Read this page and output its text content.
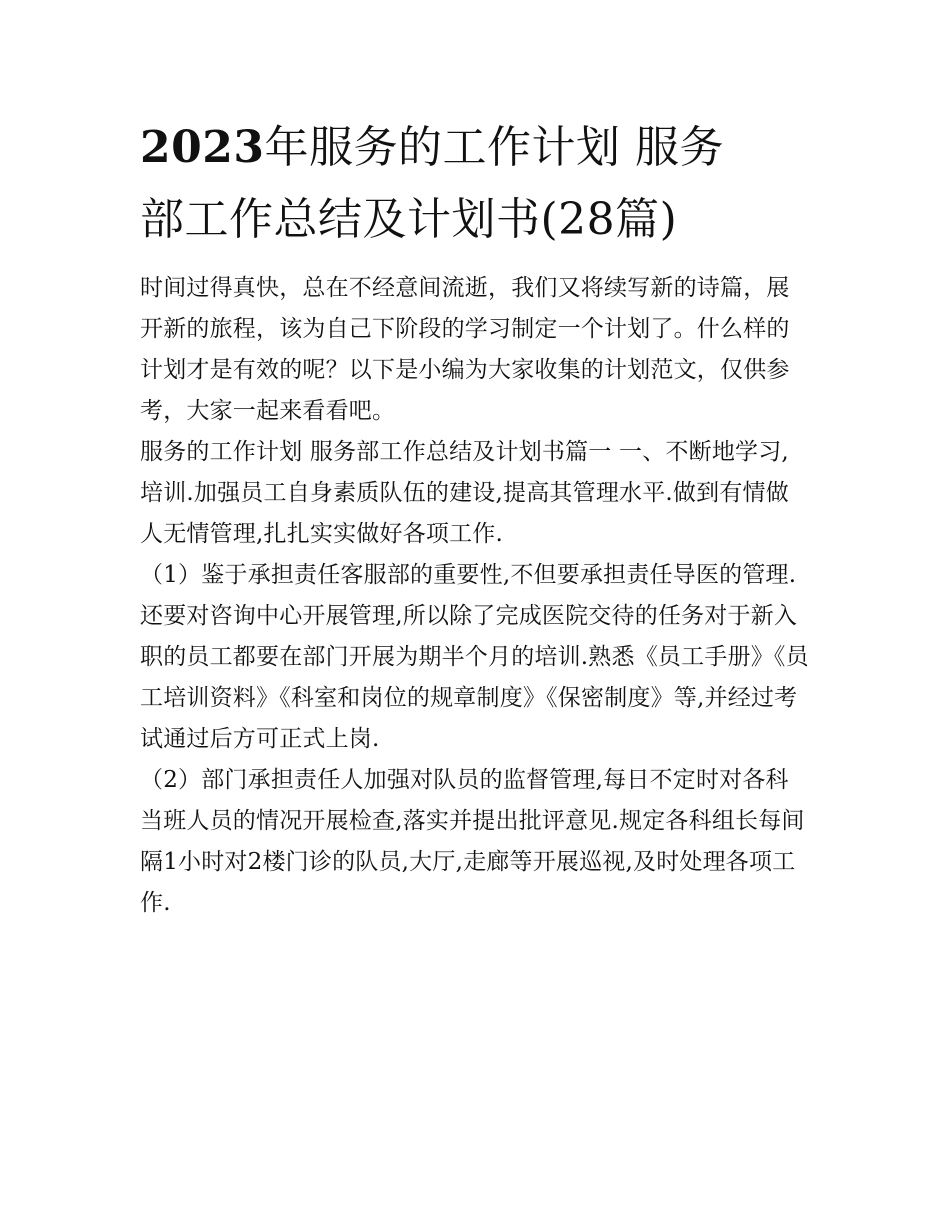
2023年服务的工作计划 服务
部工作总结及计划书(28篇)

时间过得真快，总在不经意间流逝，我们又将续写新的诗篇，展开新的旅程，该为自己下阶段的学习制定一个计划了。什么样的计划才是有效的呢？以下是小编为大家收集的计划范文，仅供参考，大家一起来看看吧。

服务的工作计划 服务部工作总结及计划书篇一 一、不断地学习,培训.加强员工自身素质队伍的建设,提高其管理水平.做到有情做人无情管理,扎扎实实做好各项工作.

（1）鉴于承担责任客服部的重要性,不但要承担责任导医的管理.还要对咨询中心开展管理,所以除了完成医院交待的任务对于新入职的员工都要在部门开展为期半个月的培训.熟悉《员工手册》《员工培训资料》《科室和岗位的规章制度》《保密制度》等,并经过考试通过后方可正式上岗.

（2）部门承担责任人加强对队员的监督管理,每日不定时对各科当班人员的情况开展检查,落实并提出批评意见.规定各科组长每间隔1小时对2楼门诊的队员,大厅,走廊等开展巡视,及时处理各项工作.
